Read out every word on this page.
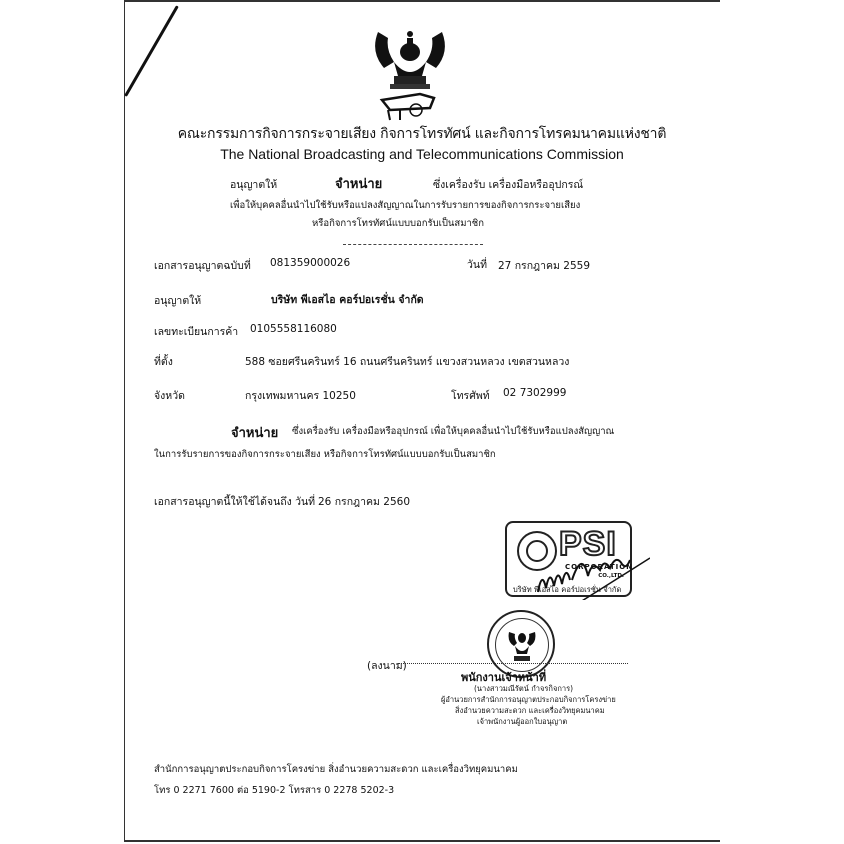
คณะกรรมการกิจการกระจายเสียง กิจการโทรทัศน์ และกิจการโทรคมนาคมแห่งชาติ
The National Broadcasting and Telecommunications Commission
อนุญาตให้	จำหน่าย	ซึ่งเครื่องรับ เครื่องมือหรืออุปกรณ์
เพื่อให้บุคคลอื่นนำไปใช้รับหรือแปลงสัญญาณในการรับรายการของกิจการกระจายเสียง
หรือกิจการโทรทัศน์แบบบอกรับเป็นสมาชิก
เอกสารอนุญาตฉบับที่ 081359000026	วันที่ 27 กรกฎาคม 2559
อนุญาตให้	บริษัท พีเอสไอ คอร์ปอเรชั่น จำกัด
เลขทะเบียนการค้า 0105558116080
ที่ตั้ง	588 ซอยศรีนครินทร์ 16 ถนนศรีนครินทร์ แขวงสวนหลวง เขตสวนหลวง
จังหวัด	กรุงเทพมหานคร 10250	โทรศัพท์ 02 7302999
จำหน่าย ซึ่งเครื่องรับ เครื่องมือหรืออุปกรณ์ เพื่อให้บุคคลอื่นนำไปใช้รับหรือแปลงสัญญาณ
ในการรับรายการของกิจการกระจายเสียง หรือกิจการโทรทัศน์แบบบอกรับเป็นสมาชิก
เอกสารอนุญาตนี้ให้ใช้ได้จนถึง วันที่ 26 กรกฎาคม 2560
PSI
CORPORATION
CO.,LTD.
บริษัท พีเอสไอ คอร์ปอเรชั่น จำกัด
(ลงนาม)
พนักงานเจ้าหน้าที่
(นางสาวมณีรัตน์ กำจรกิจการ)
ผู้อำนวยการสำนักการอนุญาตประกอบกิจการโครงข่าย
สิ่งอำนวยความสะดวก และเครื่องวิทยุคมนาคม
เจ้าพนักงานผู้ออกใบอนุญาต
สำนักการอนุญาตประกอบกิจการโครงข่าย สิ่งอำนวยความสะดวก และเครื่องวิทยุคมนาคม
โทร 0 2271 7600 ต่อ 5190-2 โทรสาร 0 2278 5202-3
